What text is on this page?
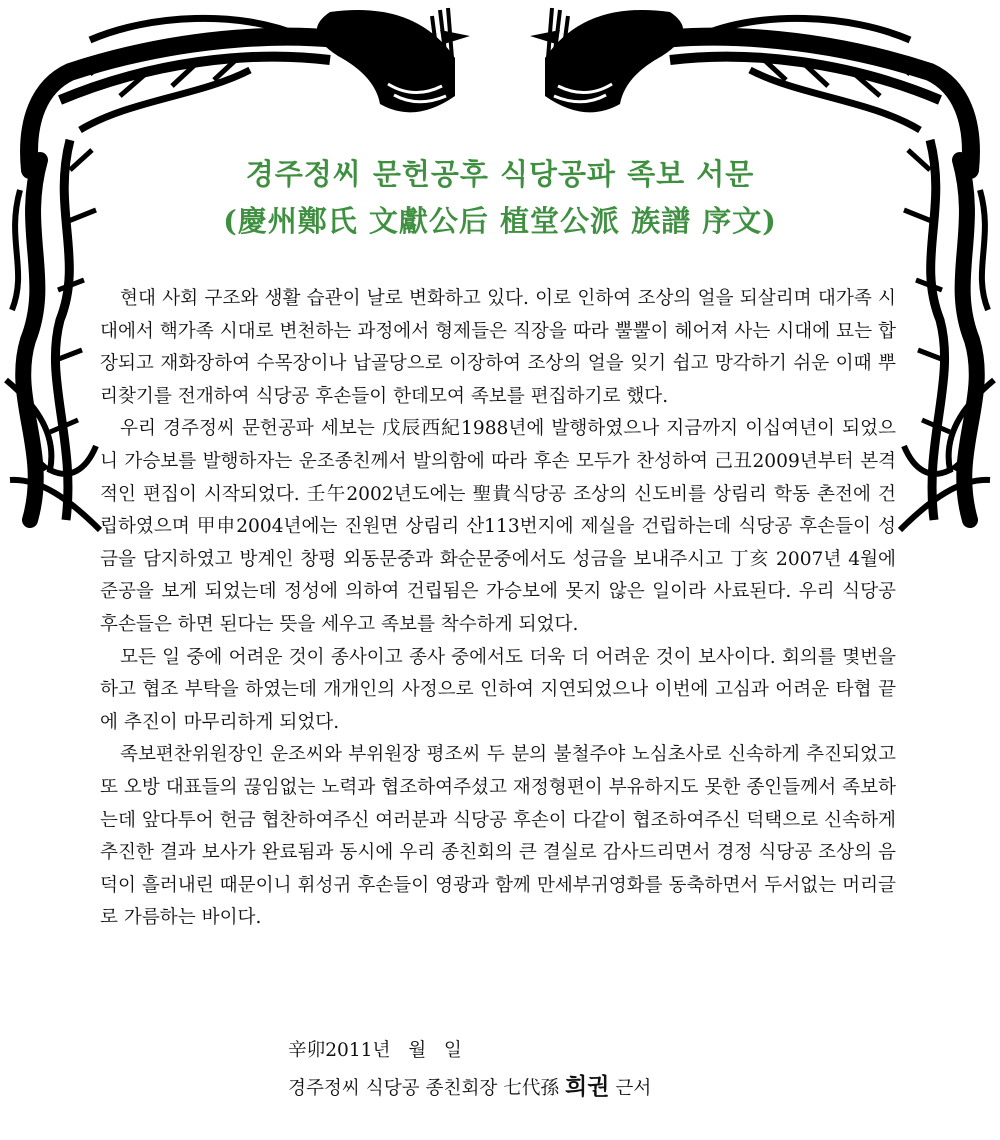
경주정씨 문헌공후 식당공파 족보 서문
(慶州鄭氏 文獻公后 植堂公派 族譜 序文)

현대 사회 구조와 생활 습관이 날로 변화하고 있다. 이로 인하여 조상의 얼을 되살리며 대가족 시대에서 핵가족 시대로 변천하는 과정에서 형제들은 직장을 따라 뿔뿔이 헤어져 사는 시대에 묘는 합장되고 재화장하여 수목장이나 납골당으로 이장하여 조상의 얼을 잊기 쉽고 망각하기 쉬운 이때 뿌리찾기를 전개하여 식당공 후손들이 한데모여 족보를 편집하기로 했다.

우리 경주정씨 문헌공파 세보는 戊辰西紀1988년에 발행하였으나 지금까지 이십여년이 되었으니 가승보를 발행하자는 운조종친께서 발의함에 따라 후손 모두가 찬성하여 己丑2009년부터 본격적인 편집이 시작되었다. 壬午2002년도에는 聖貴식당공 조상의 신도비를 상림리 학동 촌전에 건립하였으며 甲申2004년에는 진원면 상림리 산113번지에 제실을 건립하는데 식당공 후손들이 성금을 담지하였고 방계인 창평 외동문중과 화순문중에서도 성금을 보내주시고 丁亥 2007년 4월에 준공을 보게 되었는데 정성에 의하여 건립됨은 가승보에 못지 않은 일이라 사료된다. 우리 식당공 후손들은 하면 된다는 뜻을 세우고 족보를 착수하게 되었다.

모든 일 중에 어려운 것이 종사이고 종사 중에서도 더욱 더 어려운 것이 보사이다. 회의를 몇번을 하고 협조 부탁을 하였는데 개개인의 사정으로 인하여 지연되었으나 이번에 고심과 어려운 타협 끝에 추진이 마무리하게 되었다.

족보편찬위원장인 운조씨와 부위원장 평조씨 두 분의 불철주야 노심초사로 신속하게 추진되었고 또 오방 대표들의 끊임없는 노력과 협조하여주셨고 재정형편이 부유하지도 못한 종인들께서 족보하는데 앞다투어 헌금 협찬하여주신 여러분과 식당공 후손이 다같이 협조하여주신 덕택으로 신속하게 추진한 결과 보사가 완료됨과 동시에 우리 종친회의 큰 결실로 감사드리면서 경정 식당공 조상의 음덕이 흘러내린 때문이니 휘성귀 후손들이 영광과 함께 만세부귀영화를 동축하면서 두서없는 머리글로 가름하는 바이다.

辛卯2011년   월   일
경주정씨 식당공 종친회장 七代孫 희권 근서
